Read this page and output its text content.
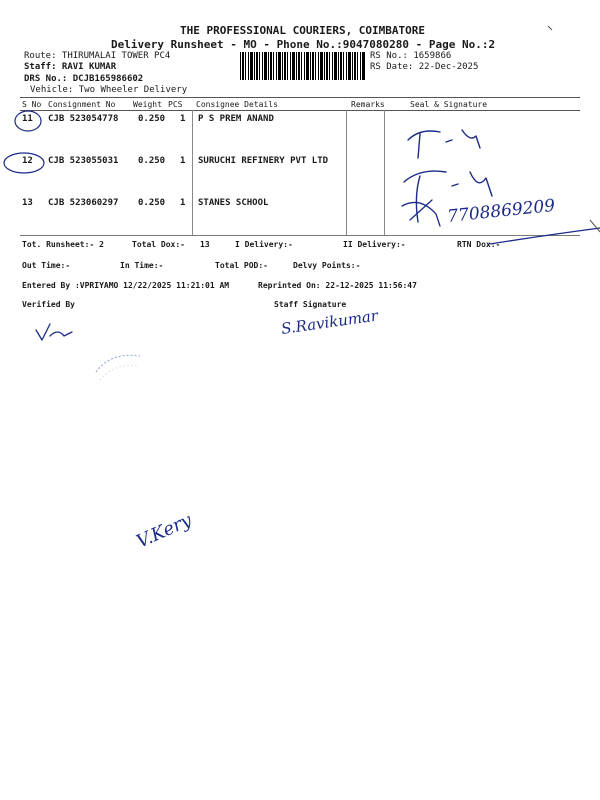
THE PROFESSIONAL COURIERS, COIMBATORE
Delivery Runsheet - MO - Phone No.:9047080280 - Page No.:2
Route: THIRUMALAI TOWER PC4
Staff: RAVI KUMAR
DRS No.: DCJB165986602
Vehicle: Two Wheeler Delivery
RS No.: 1659866
RS Date: 22-Dec-2025
S No Consignment No Weight PCS Consignee Details	Remarks	Seal & Signature
11 CJB 523054778 0.250 1 P S PREM ANAND
12 CJB 523055031 0.250 1 SURUCHI REFINERY PVT LTD
13 CJB 523060297 0.250 1 STANES SCHOOL
Tot. Runsheet:- 2	Total Dox:- 13	I Delivery:-	II Delivery:-	RTN Dox:-
Out Time:-	In Time:-	Total POD:-	Delvy Points:-
Entered By :VPRIYAMO 12/22/2025 11:21:01 AM	Reprinted On: 22-12-2025 11:56:47
Verified By	Staff Signature
7708869209
S.Ravikumar
V.Kery
